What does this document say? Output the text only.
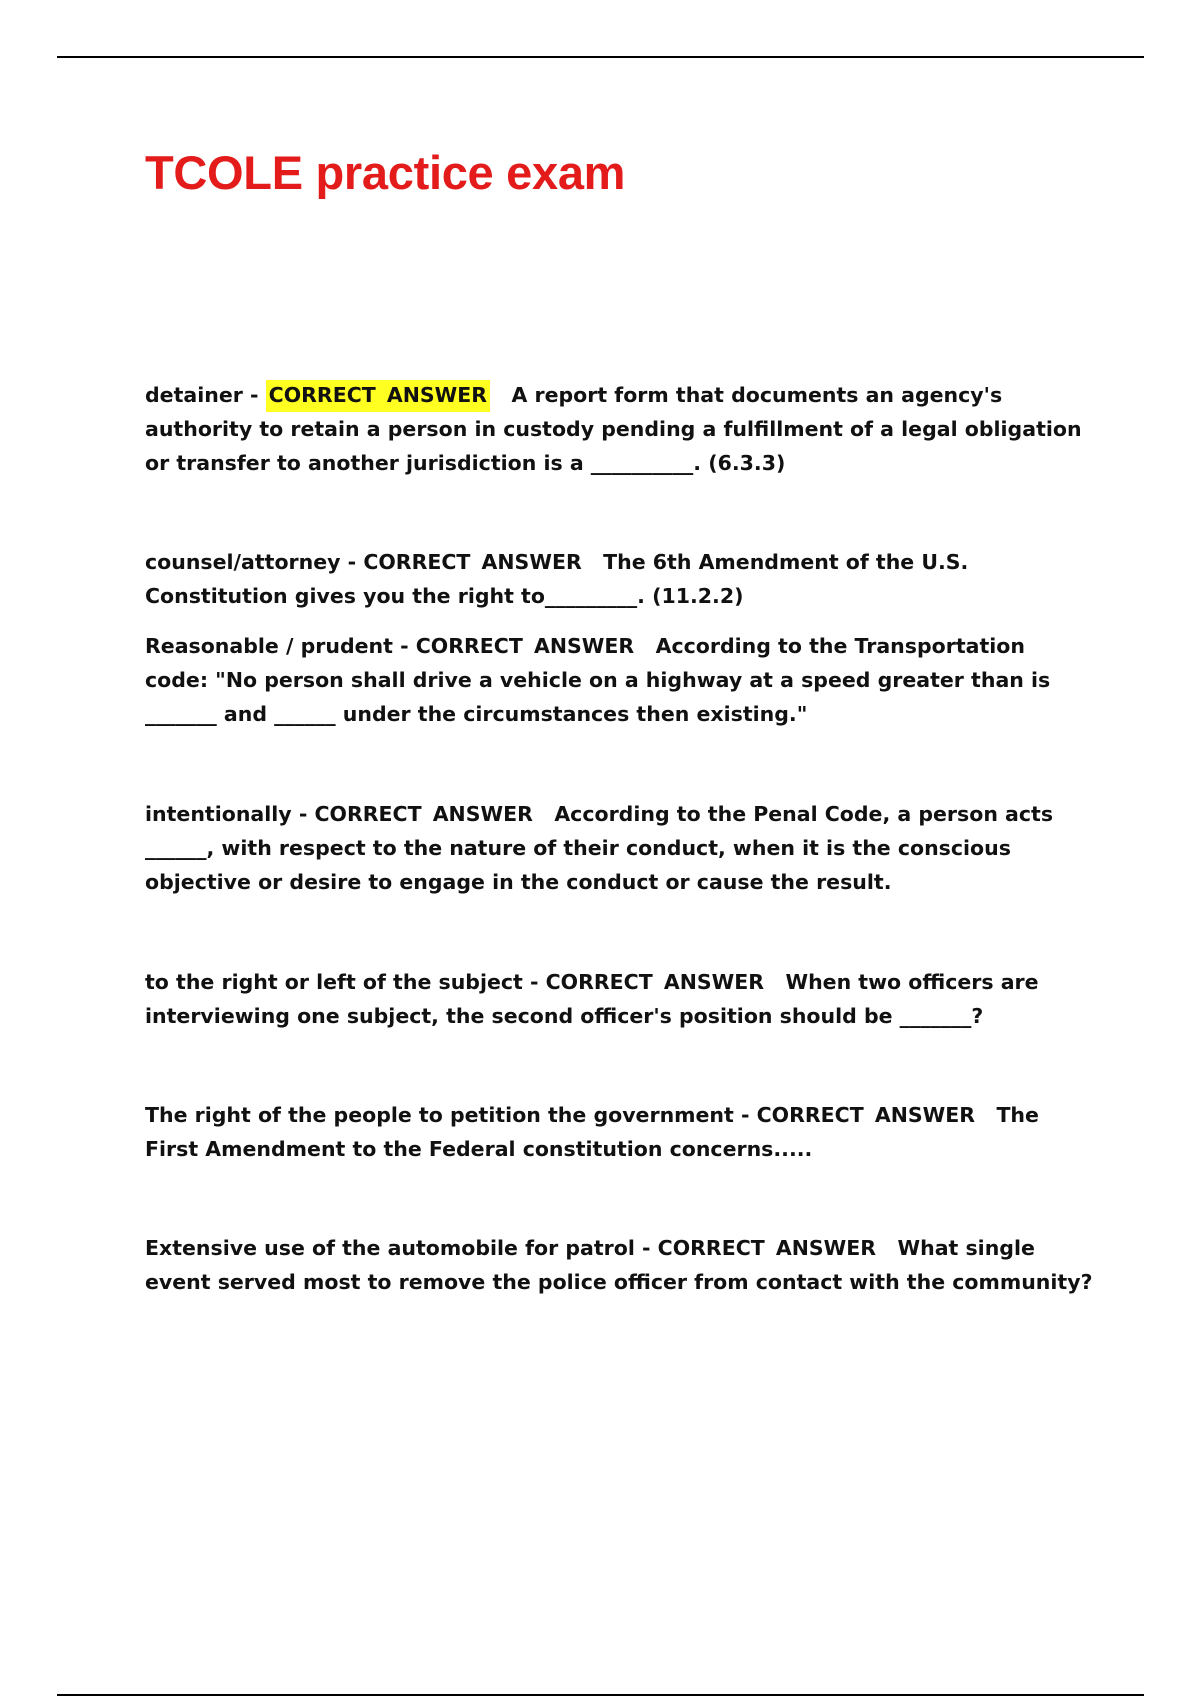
TCOLE practice exam

detainer - CORRECT ANSWER A report form that documents an agency's authority to retain a person in custody pending a fulfillment of a legal obligation or transfer to another jurisdiction is a __________. (6.3.3)

counsel/attorney - CORRECT ANSWER The 6th Amendment of the U.S. Constitution gives you the right to_________. (11.2.2)

Reasonable / prudent - CORRECT ANSWER According to the Transportation code: "No person shall drive a vehicle on a highway at a speed greater than is _______ and ______ under the circumstances then existing."

intentionally - CORRECT ANSWER According to the Penal Code, a person acts ______, with respect to the nature of their conduct, when it is the conscious objective or desire to engage in the conduct or cause the result.

to the right or left of the subject - CORRECT ANSWER When two officers are interviewing one subject, the second officer's position should be _______?

The right of the people to petition the government - CORRECT ANSWER The First Amendment to the Federal constitution concerns.....

Extensive use of the automobile for patrol - CORRECT ANSWER What single event served most to remove the police officer from contact with the community?
